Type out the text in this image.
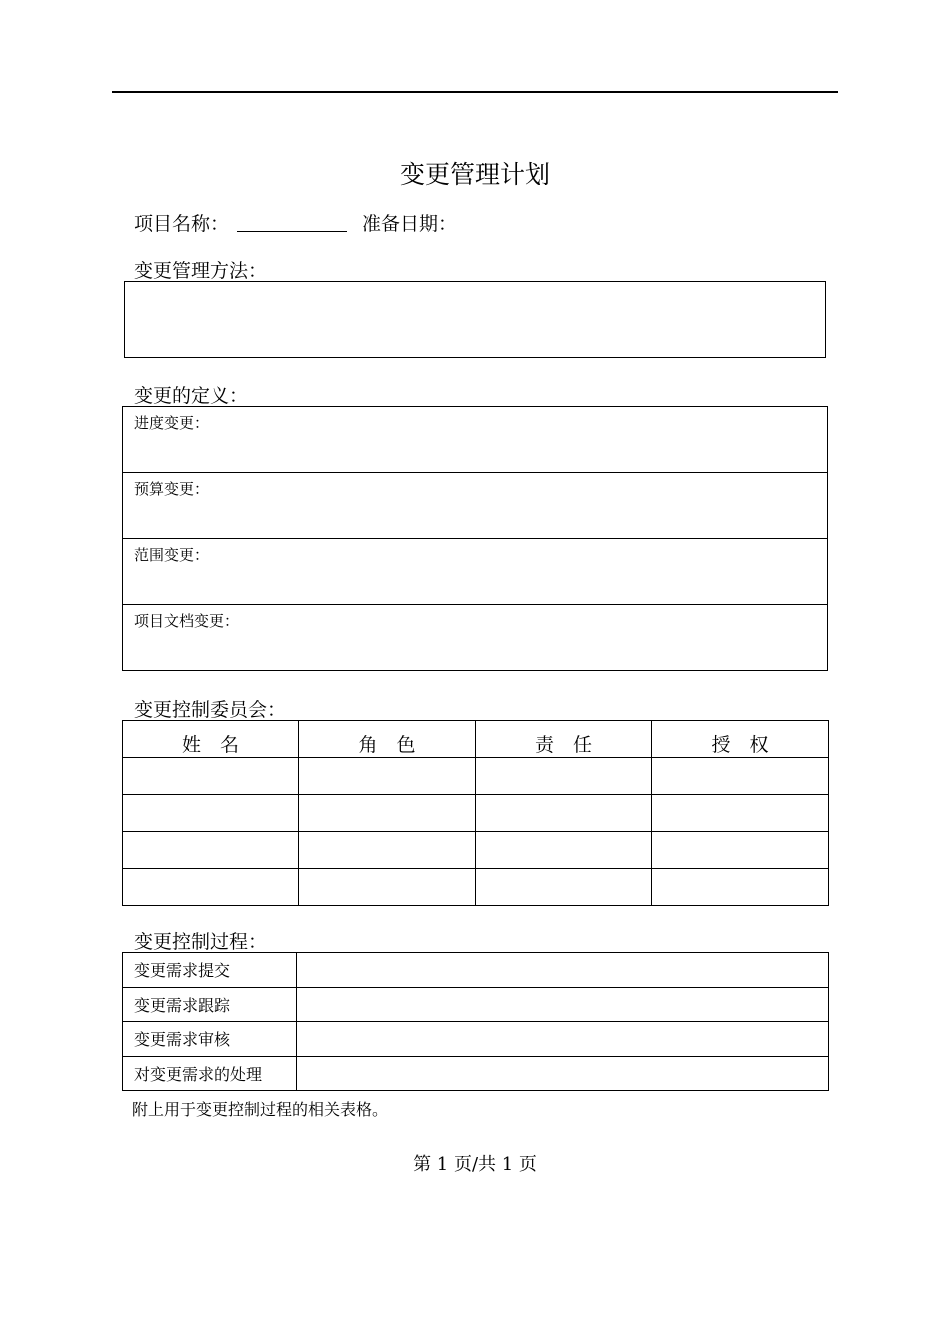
变更管理计划
项目名称：	准备日期：
变更管理方法：
变更的定义：
进度变更：
预算变更：
范围变更：
项目文档变更：
变更控制委员会：
姓　名	角　色	责　任	授　权

变更控制过程：
变更需求提交	
变更需求跟踪	
变更需求审核	
对变更需求的处理	
附上用于变更控制过程的相关表格。
第 1 页/共 1 页
